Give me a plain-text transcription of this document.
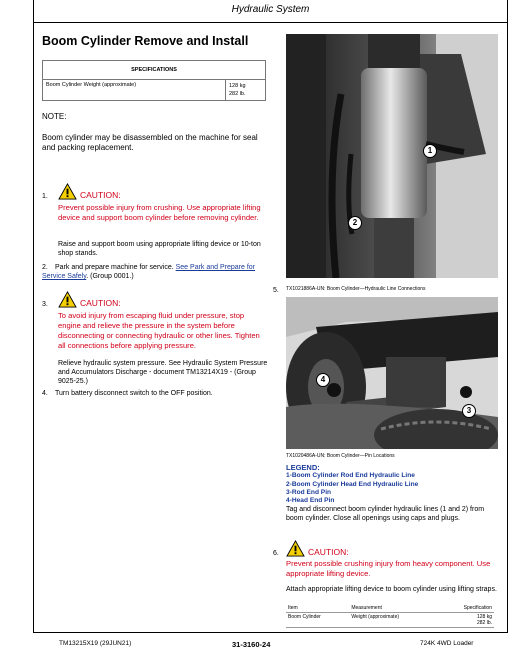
Hydraulic System
Boom Cylinder Remove and Install
SPECIFICATIONS
Boom Cylinder Weight (approximate)	128 kg
282 lb.
NOTE:
Boom cylinder may be disassembled on the machine for seal and packing replacement.
1.	CAUTION:
Prevent possible injury from crushing. Use appropriate lifting device and support boom cylinder before removing cylinder.
Raise and support boom using appropriate lifting device or 10-ton shop stands.
2. Park and prepare machine for service. See Park and Prepare for Service Safely. (Group 0001.)
3.	CAUTION:
To avoid injury from escaping fluid under pressure, stop engine and relieve the pressure in the system before disconnecting or connecting hydraulic or other lines. Tighten all connections before applying pressure.
Relieve hydraulic system pressure. See Hydraulic System Pressure and Accumulators Discharge - document TM13214X19 - (Group 9025-25.)
4. Turn battery disconnect switch to the OFF position.
1
2
5. TX1021886A-UN: Boom Cylinder—Hydraulic Line Connections
4
3
TX1020486A-UN: Boom Cylinder—Pin Locations
LEGEND:
1-Boom Cylinder Rod End Hydraulic Line
2-Boom Cylinder Head End Hydraulic Line
3-Rod End Pin
4-Head End Pin
Tag and disconnect boom cylinder hydraulic lines (1 and 2) from boom cylinder. Close all openings using caps and plugs.
6.	CAUTION:
Prevent possible crushing injury from heavy component. Use appropriate lifting device.
Attach appropriate lifting device to boom cylinder using lifting straps.
Item	Measurement	Specification
Boom Cylinder	Weight (approximate)	128 kg
282 lb.
TM13215X19 (29JUN21)	31-3160-24	724K 4WD Loader
